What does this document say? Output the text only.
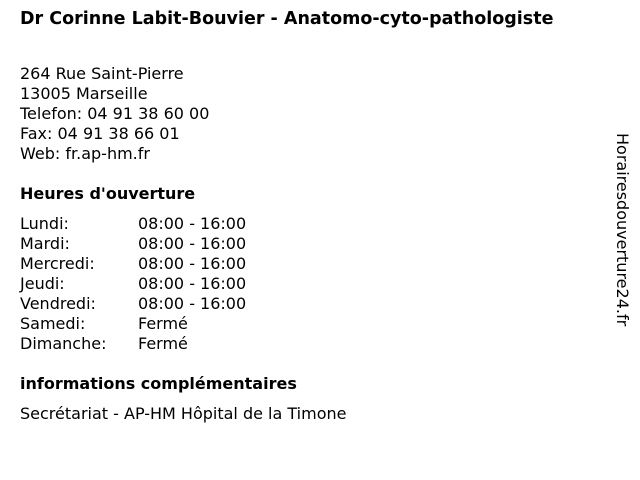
Dr Corinne Labit-Bouvier - Anatomo-cyto-pathologiste
264 Rue Saint-Pierre
13005 Marseille
Telefon: 04 91 38 60 00
Fax: 04 91 38 66 01
Web: fr.ap-hm.fr
Heures d'ouverture
Lundi:	08:00 - 16:00
Mardi:	08:00 - 16:00
Mercredi:	08:00 - 16:00
Jeudi:	08:00 - 16:00
Vendredi:	08:00 - 16:00
Samedi:	Fermé
Dimanche: Fermé
informations complémentaires
Secrétariat - AP-HM Hôpital de la Timone
Horairesdouverture24.fr
